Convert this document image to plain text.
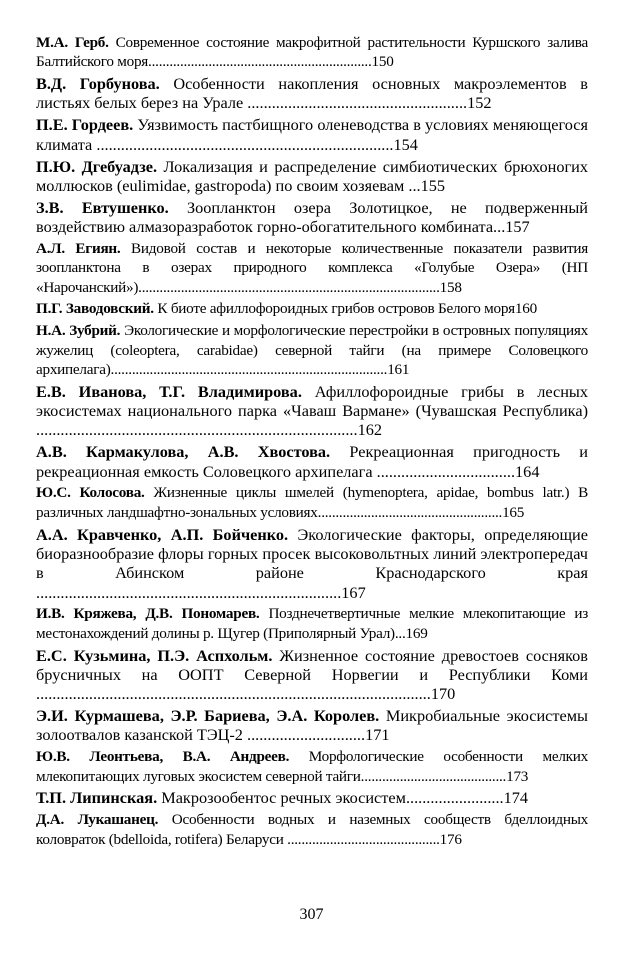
М.А. Герб. Современное состояние макрофитной растительности Куршского залива Балтийского моря...............................................................150
В.Д. Горбунова. Особенности накопления основных макроэлементов в листьях белых берез на Урале ......................................................152
П.Е. Гордеев. Уязвимость пастбищного оленеводства в условиях меняющегося климата .........................................................................154
П.Ю. Дгебуадзе. Локализация и распределение симбиотических брюхоногих моллюсков (eulimidae, gastropoda) по своим хозяевам ...155
З.В. Евтушенко. Зоопланктон озера Золотицкое, не подверженный воздействию алмазоразработок горно-обогатительного комбината...157
А.Л. Егиян. Видовой состав и некоторые количественные показатели развития зоопланктона в озерах природного комплекса «Голубые Озера» (НП «Нарочанский»).....................................................................................158
П.Г. Заводовский. К биоте афиллофороидных грибов островов Белого моря160
Н.А. Зубрий. Экологические и морфологические перестройки в островных популяциях жужелиц (coleoptera, carabidae) северной тайги (на примере Соловецкого архипелага)..............................................................................161
Е.В. Иванова, Т.Г. Владимирова. Афиллофороидные грибы в лесных экосистемах национального парка «Чаваш Вармане» (Чувашская Республика) ...............................................................................162
А.В. Кармакулова, А.В. Хвостова. Рекреационная пригодность и рекреационная емкость Соловецкого архипелага ..................................164
Ю.С. Колосова. Жизненные циклы шмелей (hymenoptera, apidae, bombus latr.) В различных ландшафтно-зональных условиях....................................................165
А.А. Кравченко, А.П. Бойченко. Экологические факторы, определяющие биоразнообразие флоры горных просек высоковольтных линий электропередач в Абинском районе Краснодарского края ...........................................................................167
И.В. Кряжева, Д.В. Пономарев. Позднечетвертичные мелкие млекопитающие из местонахождений долины р. Щугер (Приполярный Урал)...169
Е.С. Кузьмина, П.Э. Аспхольм. Жизненное состояние древостоев сосняков брусничных на ООПТ Северной Норвегии и Республики Коми .................................................................................................170
Э.И. Курмашева, Э.Р. Бариева, Э.А. Королев. Микробиальные экосистемы золоотвалов казанской ТЭЦ-2 .............................171
Ю.В. Леонтьева, В.А. Андреев. Морфологические особенности мелких млекопитающих луговых экосистем северной тайги.........................................173
Т.П. Липинская. Макрозообентос речных экосистем........................174
Д.А. Лукашанец. Особенности водных и наземных сообществ бделлоидных коловраток (bdelloida, rotifera) Беларуси ...........................................176
307
